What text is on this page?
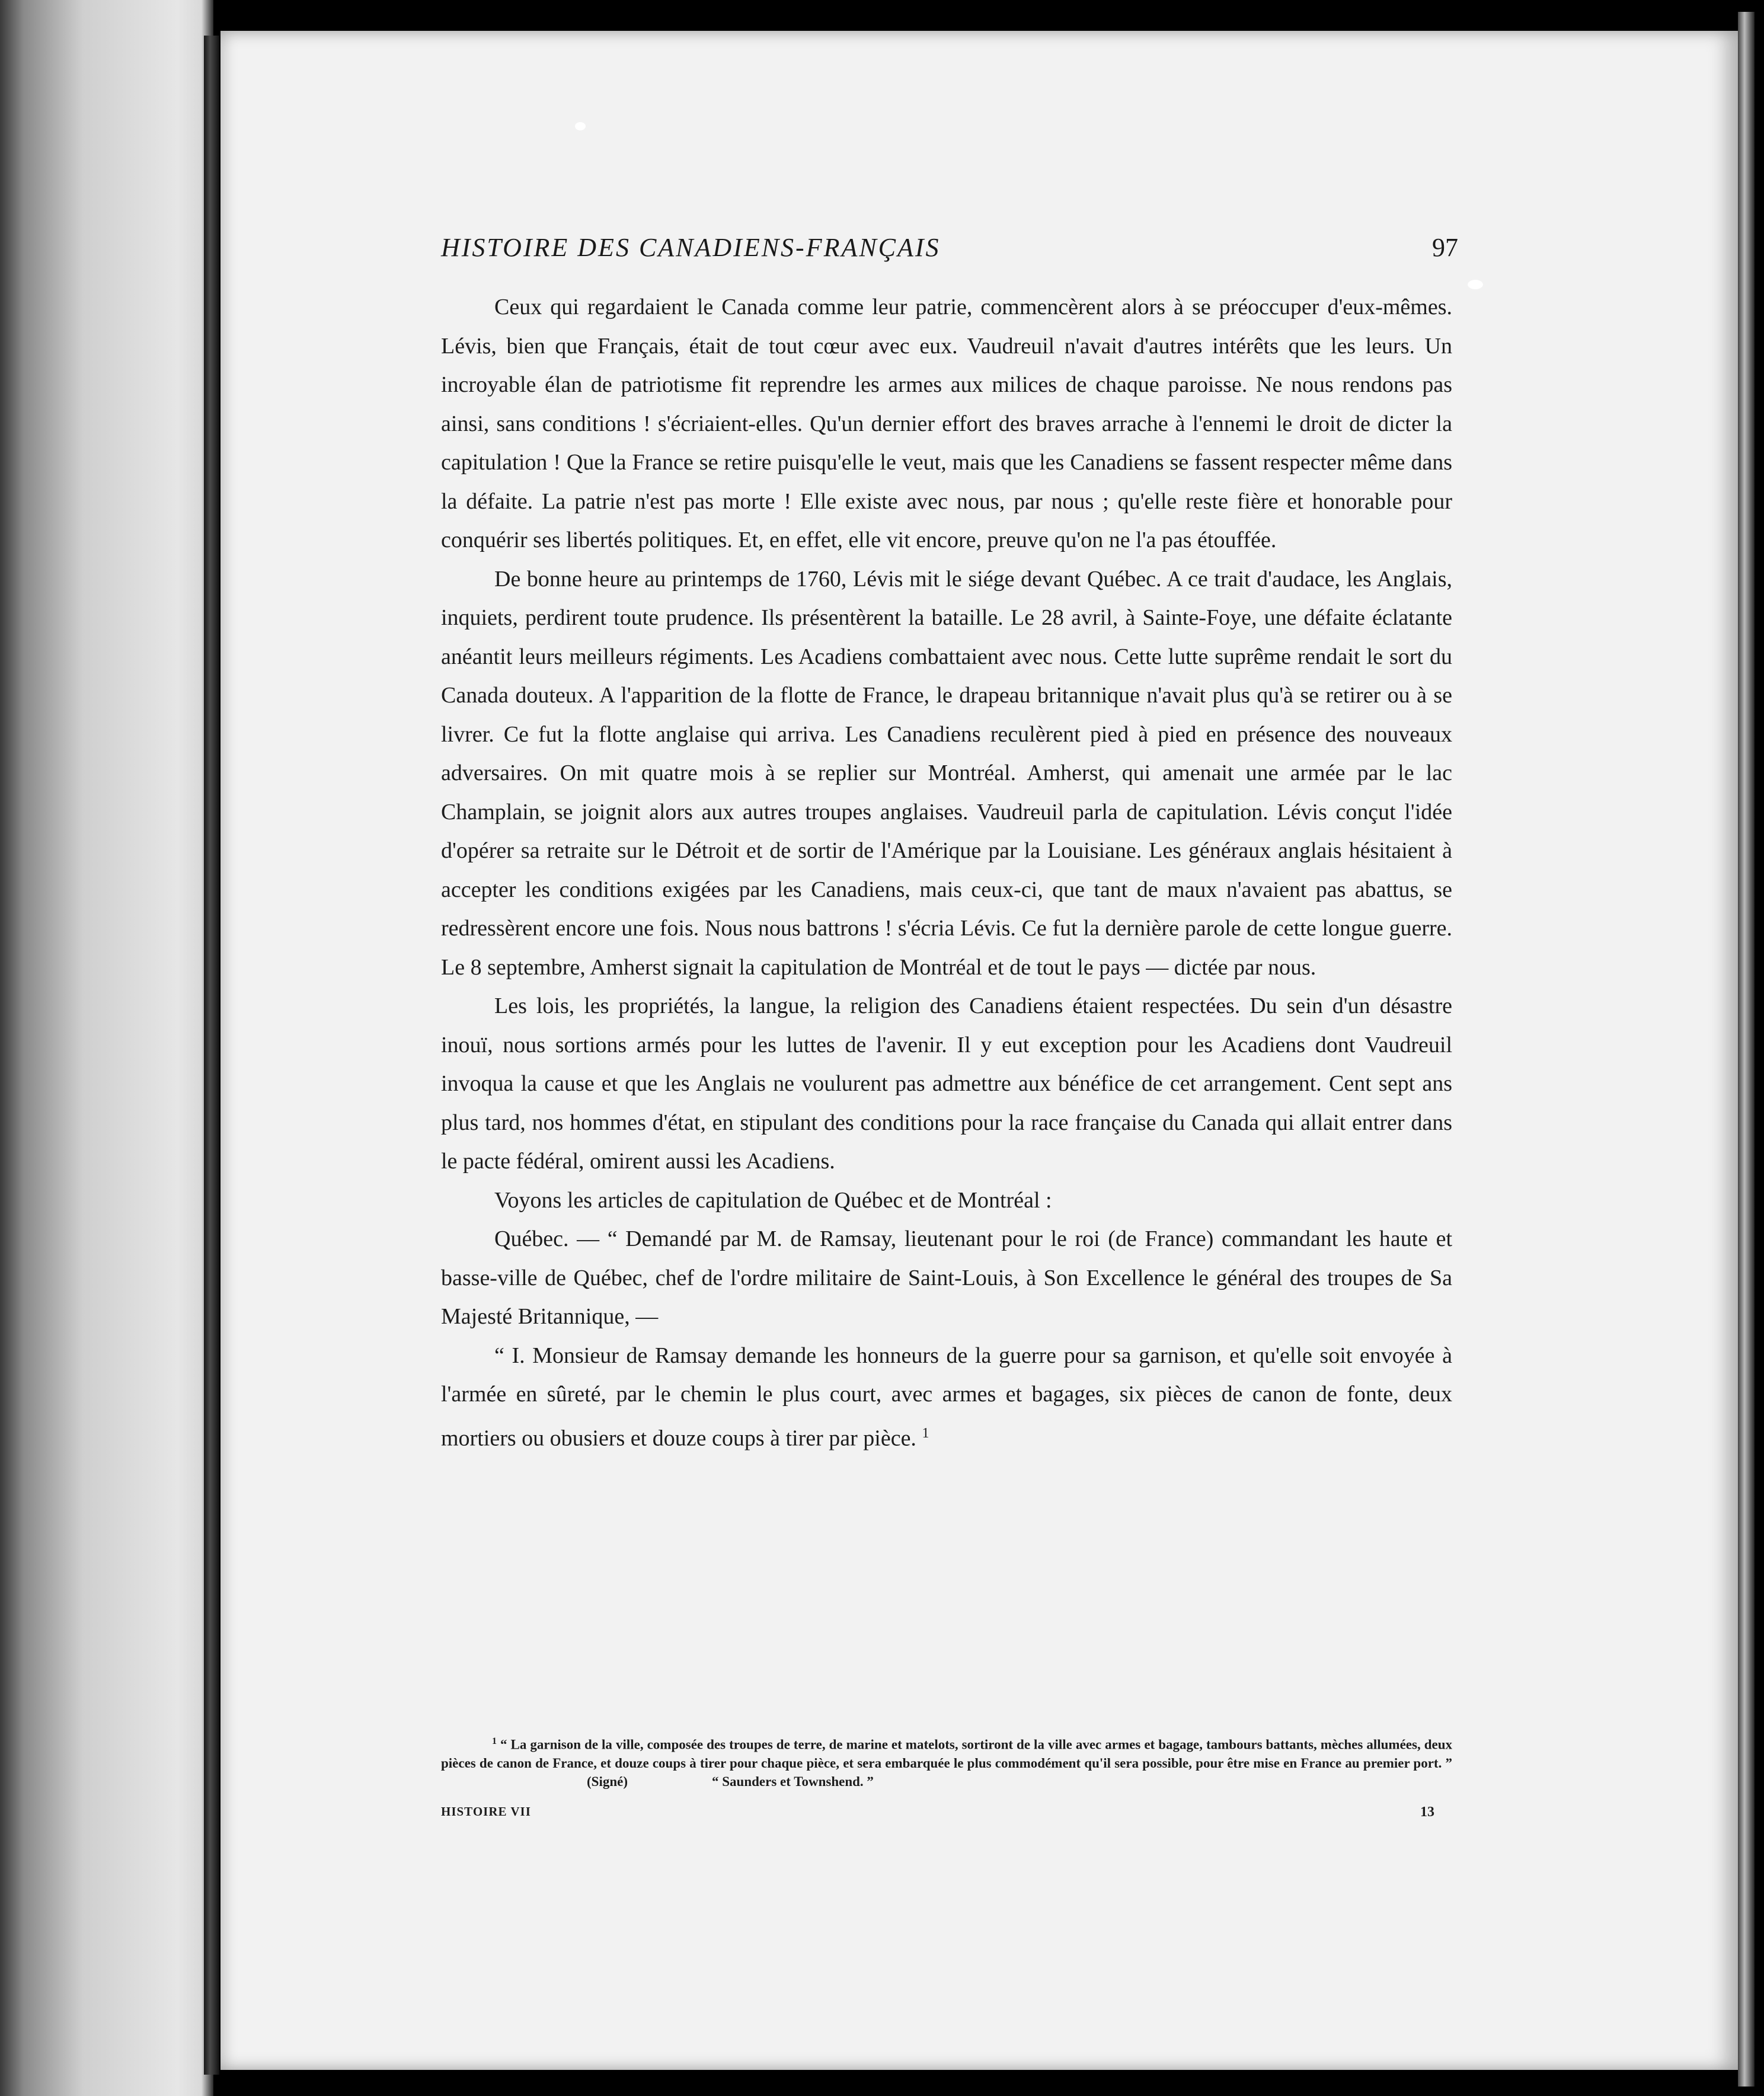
HISTOIRE DES CANADIENS-FRANÇAIS	97

Ceux qui regardaient le Canada comme leur patrie, commencèrent alors à se préoccuper d'eux-mêmes. Lévis, bien que Français, était de tout cœur avec eux. Vaudreuil n'avait d'autres intérêts que les leurs. Un incroyable élan de patriotisme fit reprendre les armes aux milices de chaque paroisse. Ne nous rendons pas ainsi, sans conditions ! s'écriaient-elles. Qu'un dernier effort des braves arrache à l'ennemi le droit de dicter la capitulation ! Que la France se retire puisqu'elle le veut, mais que les Canadiens se fassent respecter même dans la défaite. La patrie n'est pas morte ! Elle existe avec nous, par nous ; qu'elle reste fière et honorable pour conquérir ses libertés politiques. Et, en effet, elle vit encore, preuve qu'on ne l'a pas étouffée.

De bonne heure au printemps de 1760, Lévis mit le siége devant Québec. A ce trait d'audace, les Anglais, inquiets, perdirent toute prudence. Ils présentèrent la bataille. Le 28 avril, à Sainte-Foye, une défaite éclatante anéantit leurs meilleurs régiments. Les Acadiens combattaient avec nous. Cette lutte suprême rendait le sort du Canada douteux. A l'apparition de la flotte de France, le drapeau britannique n'avait plus qu'à se retirer ou à se livrer. Ce fut la flotte anglaise qui arriva. Les Canadiens reculèrent pied à pied en présence des nouveaux adversaires. On mit quatre mois à se replier sur Montréal. Amherst, qui amenait une armée par le lac Champlain, se joignit alors aux autres troupes anglaises. Vaudreuil parla de capitulation. Lévis conçut l'idée d'opérer sa retraite sur le Détroit et de sortir de l'Amérique par la Louisiane. Les généraux anglais hésitaient à accepter les conditions exigées par les Canadiens, mais ceux-ci, que tant de maux n'avaient pas abattus, se redressèrent encore une fois. Nous nous battrons ! s'écria Lévis. Ce fut la dernière parole de cette longue guerre. Le 8 septembre, Amherst signait la capitulation de Montréal et de tout le pays — dictée par nous.

Les lois, les propriétés, la langue, la religion des Canadiens étaient respectées. Du sein d'un désastre inouï, nous sortions armés pour les luttes de l'avenir. Il y eut exception pour les Acadiens dont Vaudreuil invoqua la cause et que les Anglais ne voulurent pas admettre aux bénéfice de cet arrangement. Cent sept ans plus tard, nos hommes d'état, en stipulant des conditions pour la race française du Canada qui allait entrer dans le pacte fédéral, omirent aussi les Acadiens.

Voyons les articles de capitulation de Québec et de Montréal :

Québec. — “ Demandé par M. de Ramsay, lieutenant pour le roi (de France) commandant les haute et basse-ville de Québec, chef de l'ordre militaire de Saint-Louis, à Son Excellence le général des troupes de Sa Majesté Britannique, —

“ I. Monsieur de Ramsay demande les honneurs de la guerre pour sa garnison, et qu'elle soit envoyée à l'armée en sûreté, par le chemin le plus court, avec armes et bagages, six pièces de canon de fonte, deux mortiers ou obusiers et douze coups à tirer par pièce. $^1$

$^1$ “ La garnison de la ville, composée des troupes de terre, de marine et matelots, sortiront de la ville avec armes et bagage, tambours battants, mèches allumées, deux pièces de canon de France, et douze coups à tirer pour chaque pièce, et sera embarquée le plus commodément qu'il sera possible, pour être mise en France au premier port. ”(Signé)	“ Saunders et Townshend. ”

HISTOIRE VII	13
